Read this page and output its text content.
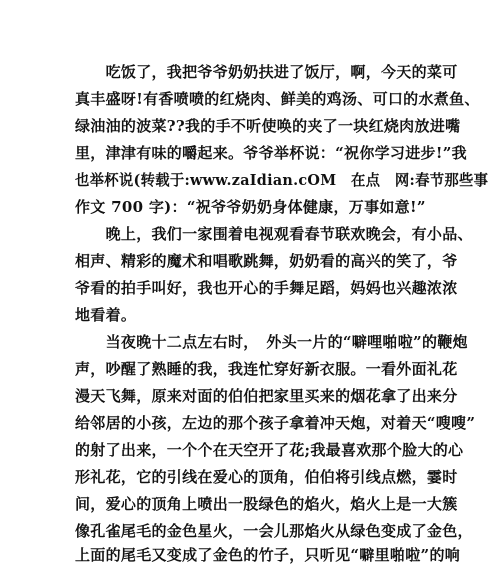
　　吃饭了，我把爷爷奶奶扶进了饭厅，啊，今天的菜可
真丰盛呀!有香喷喷的红烧肉、鲜美的鸡汤、可口的水煮鱼、
绿油油的波菜??我的手不听使唤的夹了一块红烧肉放进嘴
里，津津有味的嚼起来。爷爷举杯说：“祝你学习进步!”我
也举杯说(转载于:www.zaIdian.cOM　在点　网:春节那些事
作文 700 字)：“祝爷爷奶奶身体健康，万事如意!”
　　晚上，我们一家围着电视观看春节联欢晚会，有小品、
相声、精彩的魔术和唱歌跳舞，奶奶看的高兴的笑了，爷
爷看的拍手叫好，我也开心的手舞足蹈，妈妈也兴趣浓浓
地看着。
　　当夜晚十二点左右时，　外头一片的“噼哩啪啦”的鞭炮
声，吵醒了熟睡的我，我连忙穿好新衣服。一看外面礼花
漫天飞舞，原来对面的伯伯把家里买来的烟花拿了出来分
给邻居的小孩，左边的那个孩子拿着冲天炮，对着天“嗖嗖”
的射了出来，一个个在天空开了花;我最喜欢那个脸大的心
形礼花，它的引线在爱心的顶角，伯伯将引线点燃，霎时
间，爱心的顶角上喷出一股绿色的焰火，焰火上是一大簇
像孔雀尾毛的金色星火，一会儿那焰火从绿色变成了金色，
上面的尾毛又变成了金色的竹子，只听见“噼里啪啦”的响
